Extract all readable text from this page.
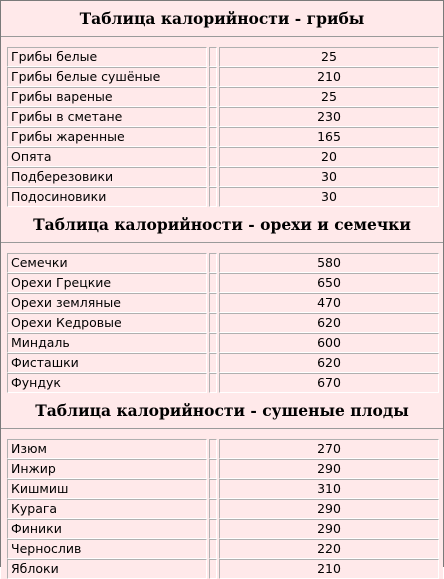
Таблица калорийности - грибы
Грибы белые	25
Грибы белые сушёные	210
Грибы вареные	25
Грибы в сметане	230
Грибы жаренные	165
Опята	20
Подберезовики	30
Подосиновики	30
Таблица калорийности - орехи и семечки
Семечки	580
Орехи Грецкие	650
Орехи земляные	470
Орехи Кедровые	620
Миндаль	600
Фисташки	620
Фундук	670
Таблица калорийности - сушеные плоды
Изюм	270
Инжир	290
Кишмиш	310
Курага	290
Финики	290
Чернослив	220
Яблоки	210
